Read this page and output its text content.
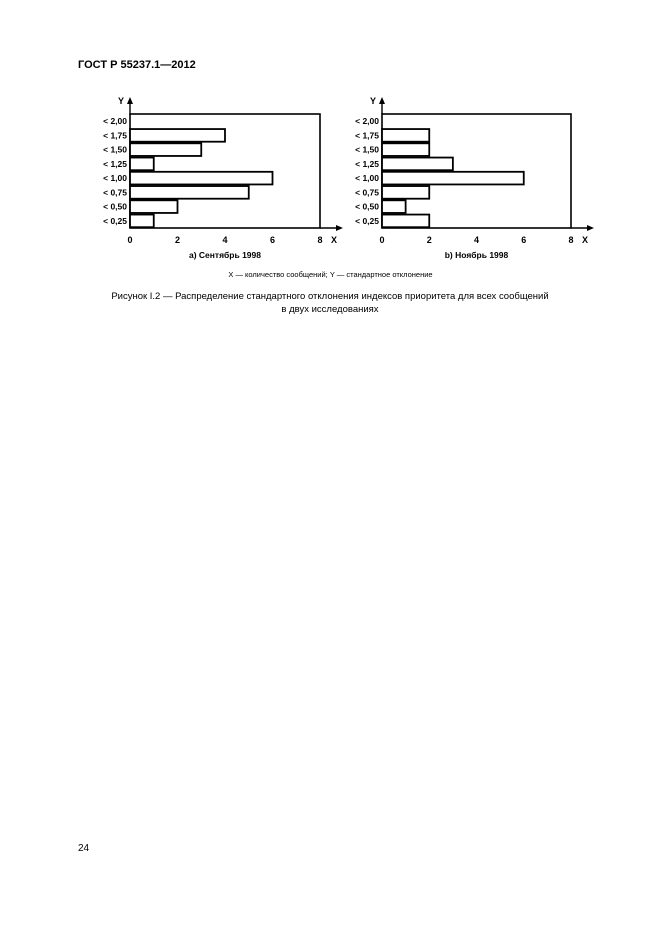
ГОСТ Р 55237.1—2012
Y
< 0,25
< 0,50
< 0,75
< 1,00
< 1,25
< 1,50
< 1,75
< 2,00
0	2	4	6	8 X
a) Сентябрь 1998
Y
< 0,25
< 0,50
< 0,75
< 1,00
< 1,25
< 1,50
< 1,75
< 2,00
0	2	4	6	8 X
b) Ноябрь 1998
X — количество сообщений; Y — стандартное отклонение
Рисунок I.2 — Распределение стандартного отклонения индексов приоритета для всех сообщений
в двух исследованиях
24
